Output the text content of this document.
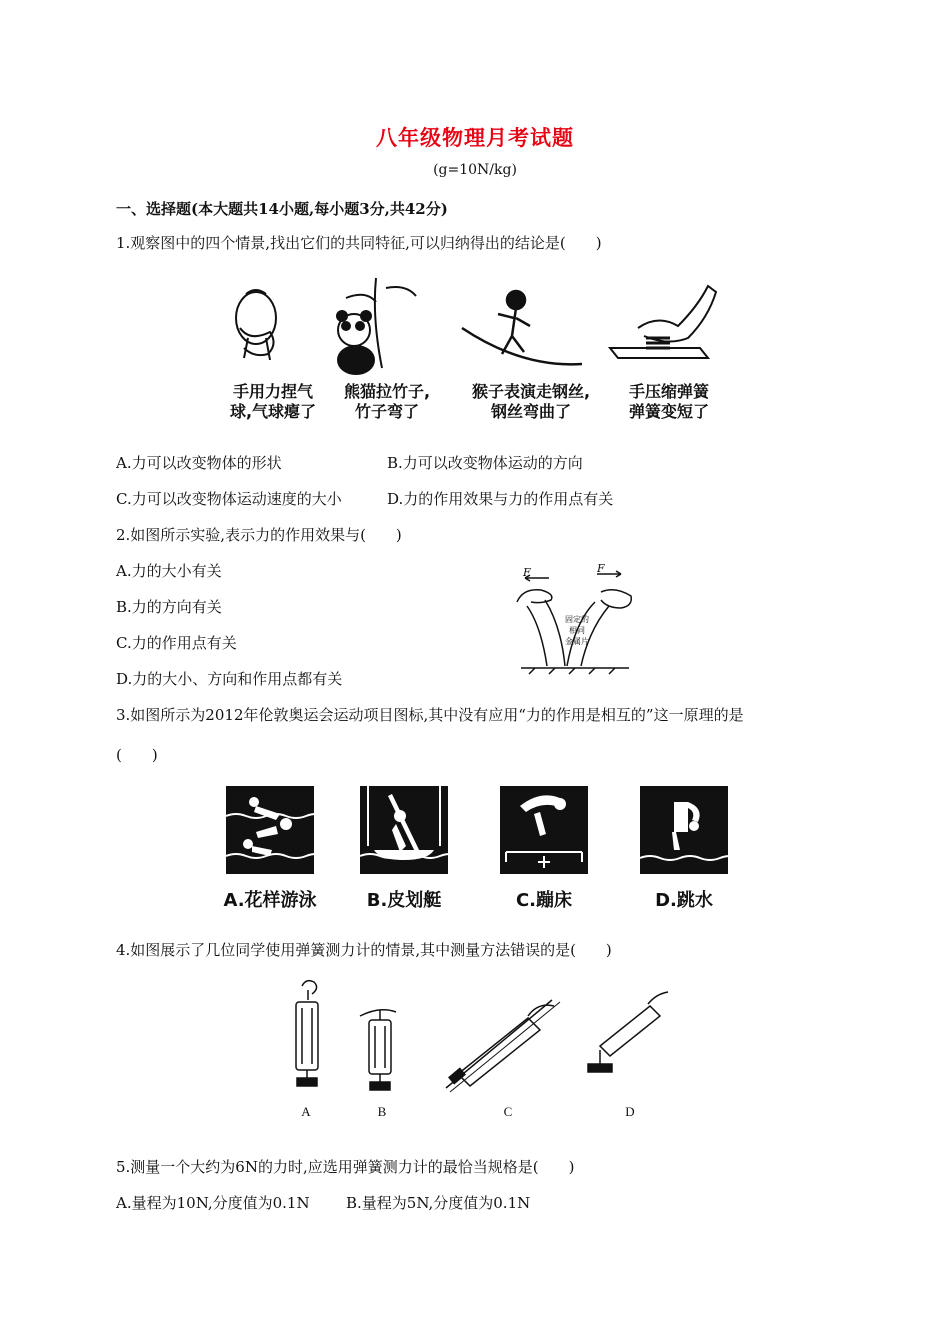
八年级物理月考试题
(g=10N/kg)
一、选择题(本大题共14小题,每小题3分,共42分)
1.观察图中的四个情景,找出它们的共同特征,可以归纳得出的结论是(　　)
手用力捏气
球,气球瘪了
熊猫拉竹子,
竹子弯了
猴子表演走钢丝,
钢丝弯曲了
手压缩弹簧
弹簧变短了
A.力可以改变物体的形状	B.力可以改变物体运动的方向
C.力可以改变物体运动速度的大小	D.力的作用效果与力的作用点有关
2.如图所示实验,表示力的作用效果与(　　)
A.力的大小有关
B.力的方向有关
C.力的作用点有关
D.力的大小、方向和作用点都有关
F	F
固定的
相同
金属片
3.如图所示为2012年伦敦奥运会运动项目图标,其中没有应用“力的作用是相互的”这一原理的是
(　　)
A.花样游泳	B.皮划艇	C.蹦床	D.跳水
4.如图展示了几位同学使用弹簧测力计的情景,其中测量方法错误的是(　　)
A	B	C	D
5.测量一个大约为6N的力时,应选用弹簧测力计的最恰当规格是(　　)
A.量程为10N,分度值为0.1N B.量程为5N,分度值为0.1N
